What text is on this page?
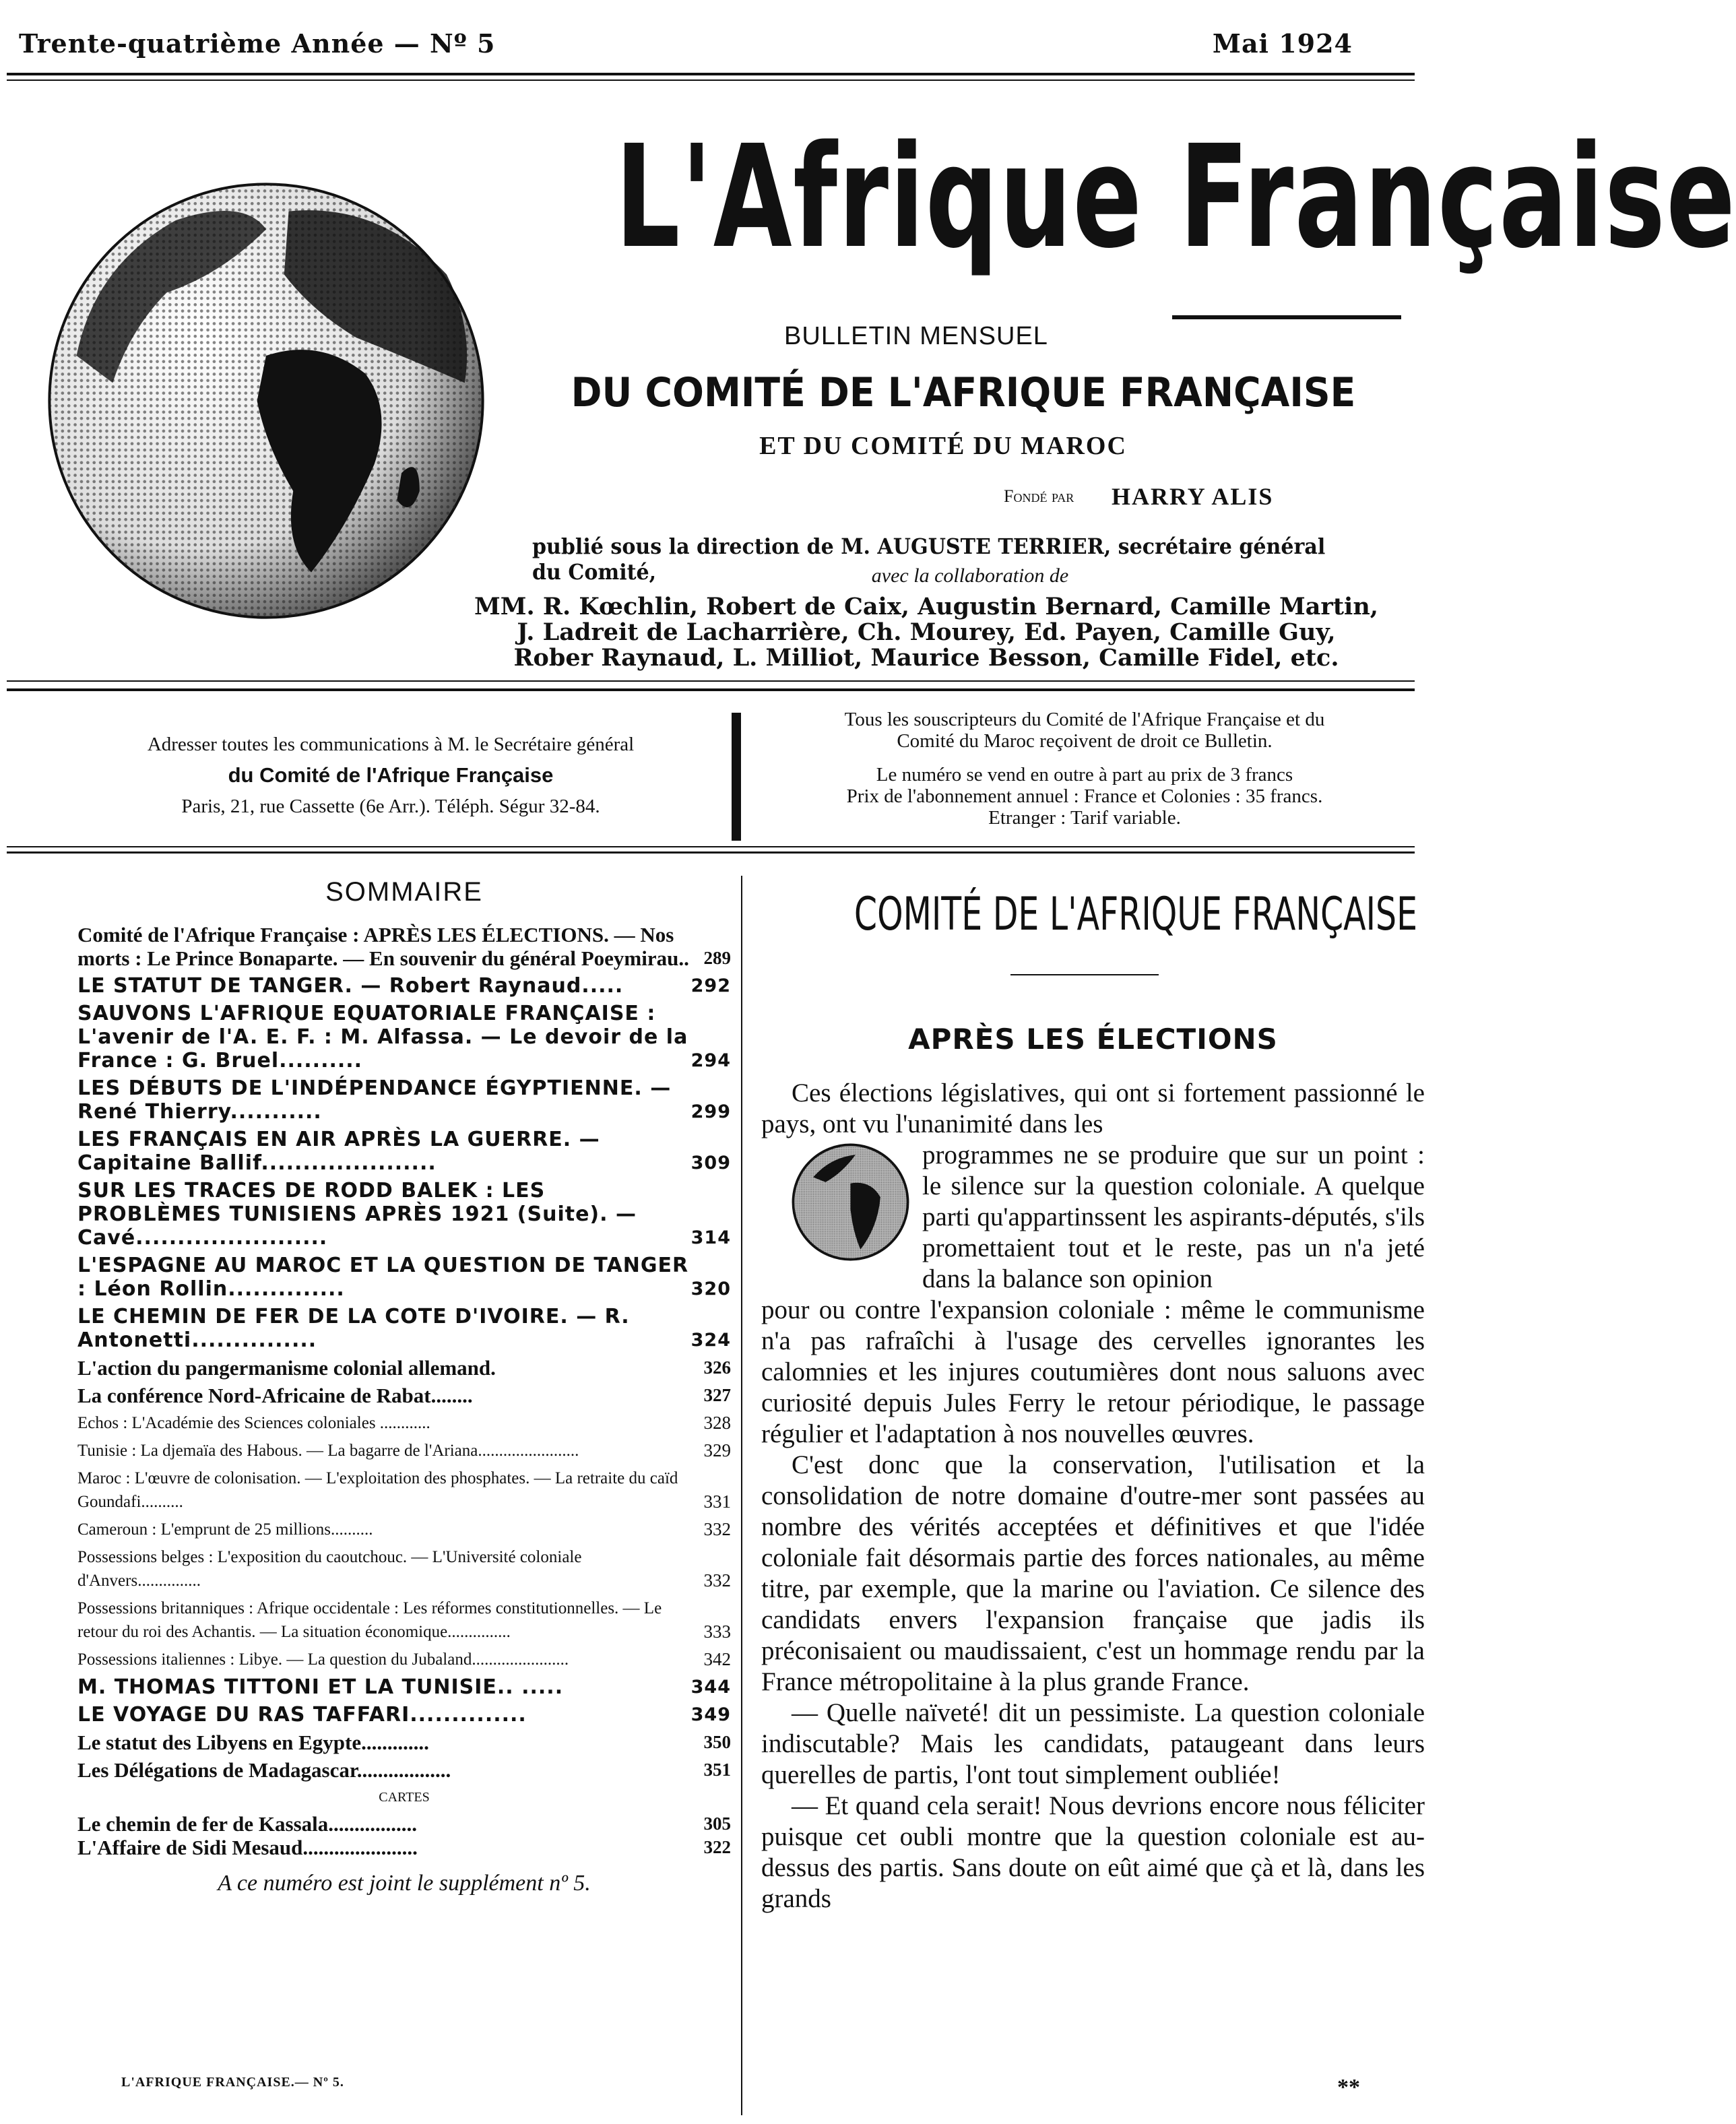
Trente-quatrième Année — Nº 5	Mai 1924
L'Afrique Française
BULLETIN MENSUEL
DU COMITÉ DE L'AFRIQUE FRANÇAISE
ET DU COMITÉ DU MAROC
Fondé par HARRY ALIS
publié sous la direction de M. AUGUSTE TERRIER, secrétaire général du Comité,	avec la collaboration de
MM. R. Kœchlin, Robert de Caix, Augustin Bernard, Camille Martin,
J. Ladreit de Lacharrière, Ch. Mourey, Ed. Payen, Camille Guy,
Rober Raynaud, L. Milliot, Maurice Besson, Camille Fidel, etc.
Adresser toutes les communications à M. le Secrétaire général
du Comité de l'Afrique Française
Paris, 21, rue Cassette (6e Arr.). Téléph. Ségur 32-84.
Tous les souscripteurs du Comité de l'Afrique Française et du
Comité du Maroc reçoivent de droit ce Bulletin.
Le numéro se vend en outre à part au prix de 3 francs
Prix de l'abonnement annuel : France et Colonies : 35 francs.
Etranger : Tarif variable.
SOMMAIRE
Comité de l'Afrique Française : APRÈS LES ÉLECTIONS. — Nos morts : Le Prince Bonaparte. — En souvenir du général Poeymirau.. 289
LE STATUT DE TANGER. — Robert Raynaud.....	292
SAUVONS L'AFRIQUE EQUATORIALE FRANÇAISE : L'avenir de l'A. E. F. : M. Alfassa. — Le devoir de la France : G. Bruel..........	294
LES DÉBUTS DE L'INDÉPENDANCE ÉGYPTIENNE. — René Thierry...........	299
LES FRANÇAIS EN AIR APRÈS LA GUERRE. — Capitaine Ballif.....................	309
SUR LES TRACES DE RODD BALEK : LES PROBLÈMES TUNISIENS APRÈS 1921 (Suite). — Cavé.......................	314
L'ESPAGNE AU MAROC ET LA QUESTION DE TANGER : Léon Rollin..............	320
LE CHEMIN DE FER DE LA COTE D'IVOIRE. — R. Antonetti...............	324
L'action du pangermanisme colonial allemand.	326
La conférence Nord-Africaine de Rabat........	327
Echos : L'Académie des Sciences coloniales ............	328
Tunisie : La djemaïa des Habous. — La bagarre de l'Ariana........................	329
Maroc : L'œuvre de colonisation. — L'exploitation des phosphates. — La retraite du caïd Goundafi..........	331
Cameroun : L'emprunt de 25 millions..........	332
Possessions belges : L'exposition du caoutchouc. — L'Université coloniale d'Anvers...............	332
Possessions britanniques : Afrique occidentale : Les réformes constitutionnelles. — Le retour du roi des Achantis. — La situation économique...............	333
Possessions italiennes : Libye. — La question du Jubaland.......................	342
M. THOMAS TITTONI ET LA TUNISIE.. .....	344
LE VOYAGE DU RAS TAFFARI..............	349
Le statut des Libyens en Egypte.............	350
Les Délégations de Madagascar..................	351
CARTES
Le chemin de fer de Kassala.................	305
L'Affaire de Sidi Mesaud......................	322
A ce numéro est joint le supplément nº 5.
L'AFRIQUE FRANÇAISE.— Nº 5.
COMITÉ DE L'AFRIQUE FRANÇAISE
APRÈS LES ÉLECTIONS

Ces élections législatives, qui ont si fortement passionné le pays, ont vu l'unanimité dans les

programmes ne se produire que sur un point : le silence sur la question coloniale. A quelque parti qu'appartinssent les aspirants-députés, s'ils promettaient tout et le reste, pas un n'a jeté dans la balance son opinion

pour ou contre l'expansion coloniale : même le communisme n'a pas rafraîchi à l'usage des cervelles ignorantes les calomnies et les injures coutumières dont nous saluons avec curiosité depuis Jules Ferry le retour périodique, le passage régulier et l'adaptation à nos nouvelles œuvres.

C'est donc que la conservation, l'utilisation et la consolidation de notre domaine d'outre-mer sont passées au nombre des vérités acceptées et définitives et que l'idée coloniale fait désormais partie des forces nationales, au même titre, par exemple, que la marine ou l'aviation. Ce silence des candidats envers l'expansion française que jadis ils préconisaient ou maudissaient, c'est un hommage rendu par la France métropolitaine à la plus grande France.

— Quelle naïveté! dit un pessimiste. La question coloniale indiscutable? Mais les candidats, pataugeant dans leurs querelles de partis, l'ont tout simplement oubliée!

— Et quand cela serait! Nous devrions encore nous féliciter puisque cet oubli montre que la question coloniale est au-dessus des partis. Sans doute on eût aimé que çà et là, dans les grands

**
